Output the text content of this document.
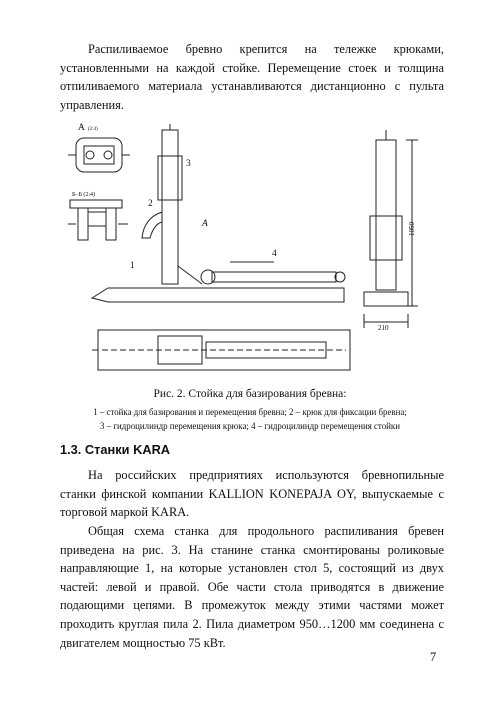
Распиливаемое бревно крепится на тележке крюками, установленными на каждой стойке. Перемещение стоек и толщина отпиливаемого материала устанавливаются дистанционно с пульта управления.

А (2:4)
А
Б–Б (2:4)
3
2
1
4
1050
210
Рис. 2. Стойка для базирования бревна:
1 – стойка для базирования и перемещения бревна; 2 – крюк для фиксации бревна;
3 – гидроцилиндр перемещения крюка; 4 – гидроцилиндр перемещения стойки
1.3. Станки KARA

На российских предприятиях используются бревнопильные станки финской компании KALLION KONEPAJA OY, выпускаемые с торговой маркой KARA.

Общая схема станка для продольного распиливания бревен приведена на рис. 3. На станине станка смонтированы роликовые направляющие 1, на которые установлен стол 5, состоящий из двух частей: левой и правой. Обе части стола приводятся в движение подающими цепями. В промежуток между этими частями может проходить круглая пила 2. Пила диаметром 950…1200 мм соединена с двигателем мощностью 75 кВт.

7
